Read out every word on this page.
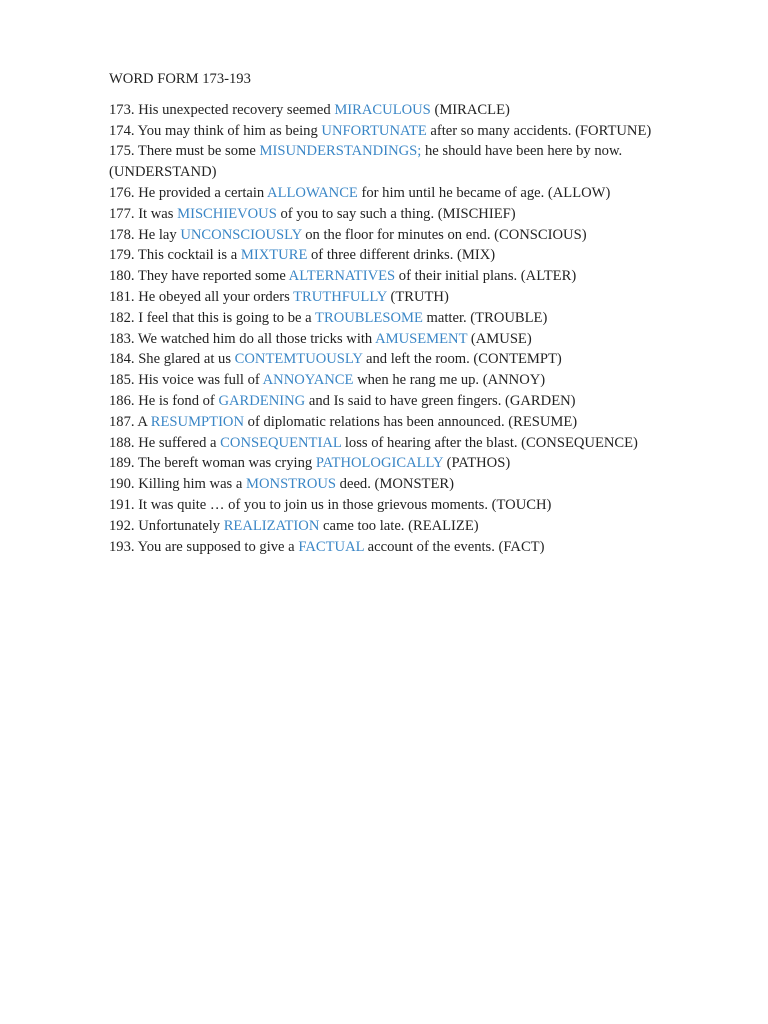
WORD FORM 173-193
173. His unexpected recovery seemed MIRACULOUS (MIRACLE)
174. You may think of him as being UNFORTUNATE after so many accidents. (FORTUNE)
175. There must be some MISUNDERSTANDINGS; he should have been here by now. (UNDERSTAND)
176. He provided a certain ALLOWANCE for him until he became of age. (ALLOW)
177. It was MISCHIEVOUS of you to say such a thing. (MISCHIEF)
178. He lay UNCONSCIOUSLY on the floor for minutes on end. (CONSCIOUS)
179. This cocktail is a MIXTURE of three different drinks. (MIX)
180. They have reported some ALTERNATIVES of their initial plans. (ALTER)
181. He obeyed all your orders TRUTHFULLY (TRUTH)
182. I feel that this is going to be a TROUBLESOME matter. (TROUBLE)
183. We watched him do all those tricks with AMUSEMENT (AMUSE)
184. She glared at us CONTEMTUOUSLY and left the room. (CONTEMPT)
185. His voice was full of ANNOYANCE when he rang me up. (ANNOY)
186. He is fond of GARDENING and Is said to have green fingers. (GARDEN)
187. A RESUMPTION of diplomatic relations has been announced. (RESUME)
188. He suffered a CONSEQUENTIAL loss of hearing after the blast. (CONSEQUENCE)
189. The bereft woman was crying PATHOLOGICALLY (PATHOS)
190. Killing him was a MONSTROUS deed. (MONSTER)
191. It was quite … of you to join us in those grievous moments. (TOUCH)
192. Unfortunately REALIZATION came too late. (REALIZE)
193. You are supposed to give a FACTUAL account of the events. (FACT)
